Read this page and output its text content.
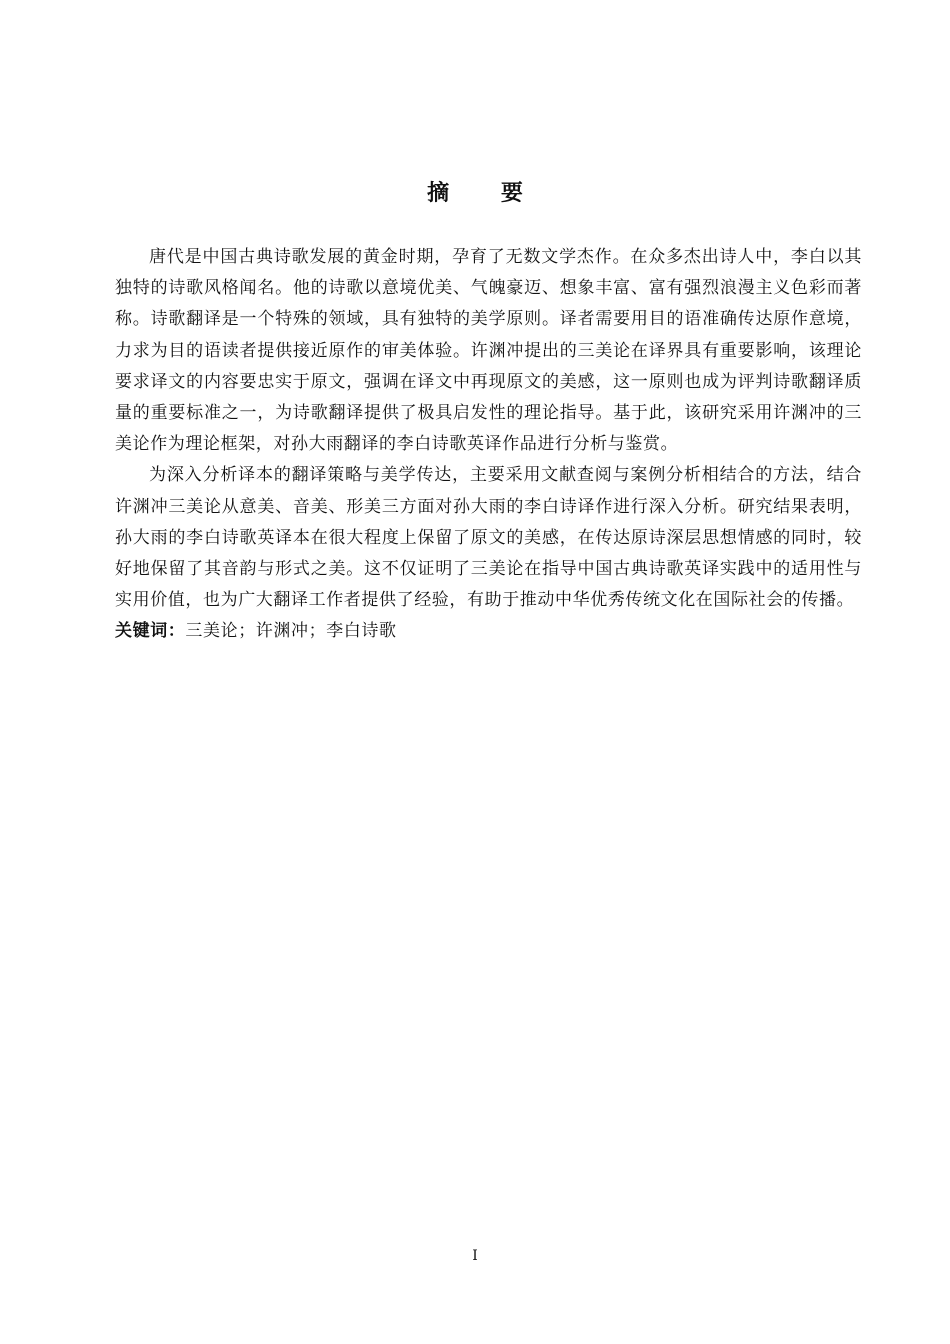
摘 要

唐代是中国古典诗歌发展的黄金时期，孕育了无数文学杰作。在众多杰出诗人中，李白以其独特的诗歌风格闻名。他的诗歌以意境优美、气魄豪迈、想象丰富、富有强烈浪漫主义色彩而著称。诗歌翻译是一个特殊的领域，具有独特的美学原则。译者需要用目的语准确传达原作意境，力求为目的语读者提供接近原作的审美体验。许渊冲提出的三美论在译界具有重要影响，该理论要求译文的内容要忠实于原文，强调在译文中再现原文的美感，这一原则也成为评判诗歌翻译质量的重要标准之一，为诗歌翻译提供了极具启发性的理论指导。基于此，该研究采用许渊冲的三美论作为理论框架，对孙大雨翻译的李白诗歌英译作品进行分析与鉴赏。

为深入分析译本的翻译策略与美学传达，主要采用文献查阅与案例分析相结合的方法，结合许渊冲三美论从意美、音美、形美三方面对孙大雨的李白诗译作进行深入分析。研究结果表明，孙大雨的李白诗歌英译本在很大程度上保留了原文的美感，在传达原诗深层思想情感的同时，较好地保留了其音韵与形式之美。这不仅证明了三美论在指导中国古典诗歌英译实践中的适用性与实用价值，也为广大翻译工作者提供了经验，有助于推动中华优秀传统文化在国际社会的传播。

关键词：三美论；许渊冲；李白诗歌

I
